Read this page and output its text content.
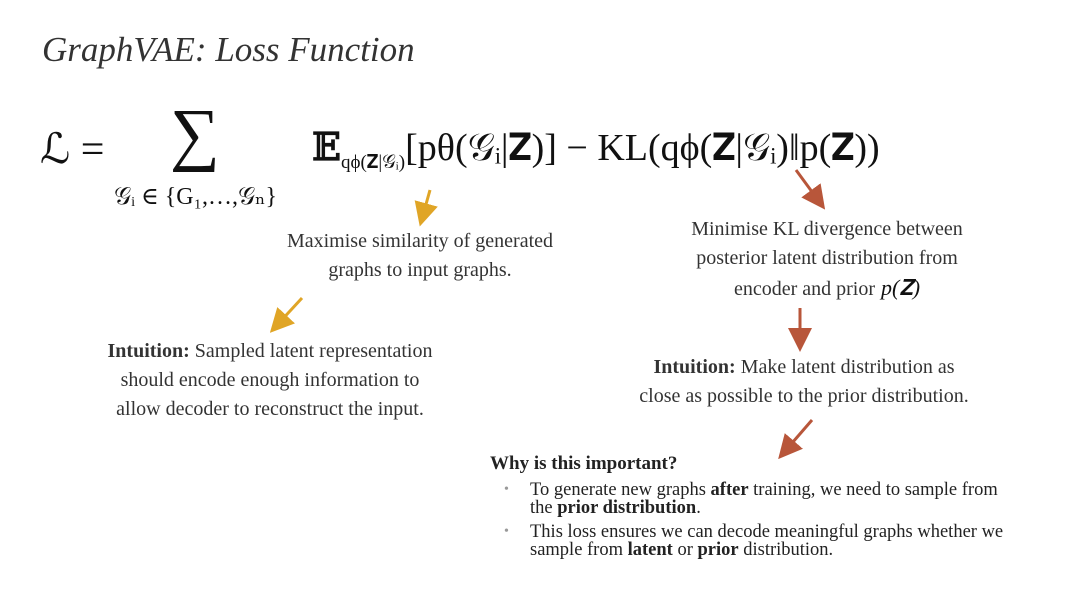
GraphVAE: Loss Function
ℒ = ∑
𝒢ᵢ ∈ {G₁,…,𝒢ₙ}
𝔼$_{q\phi(𝐙|𝒢ᵢ)}$[pθ(𝒢ᵢ|𝐙)] − KL(qϕ(𝐙|𝒢ᵢ)‖p(𝐙))
Maximise similarity of generated
graphs to input graphs.
Minimise KL divergence between
posterior latent distribution from
encoder and prior p(𝐙)
Intuition: Sampled latent representation
should encode enough information to
allow decoder to reconstruct the input.
Intuition: Make latent distribution as
close as possible to the prior distribution.
Why is this important?
• To generate new graphs after training, we need to sample from the prior distribution.
• This loss ensures we can decode meaningful graphs whether we sample from latent or prior distribution.
